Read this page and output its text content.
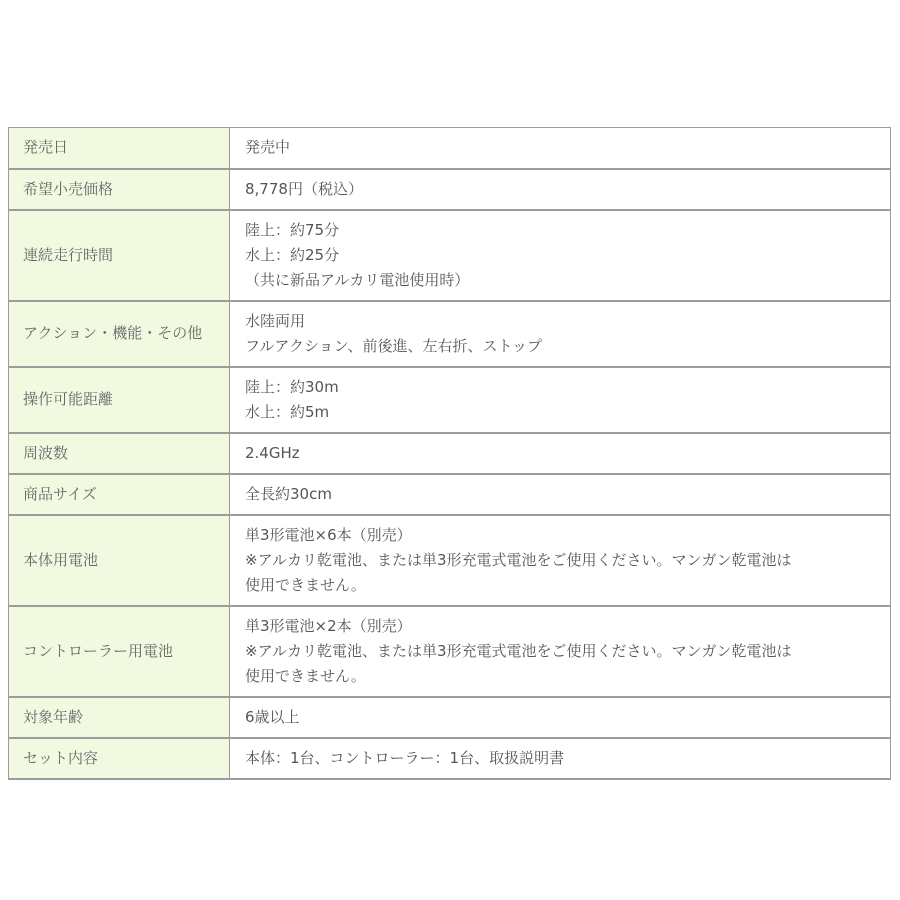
発売日	発売中

希望小売価格	8,778円（税込）

連続走行時間	陸上：約75分
水上：約25分
（共に新品アルカリ電池使用時）

アクション・機能・その他	水陸両用
フルアクション、前後進、左右折、ストップ

操作可能距離	陸上：約30m
水上：約5m

周波数	2.4GHz

商品サイズ	全長約30cm

本体用電池	単3形電池×6本（別売）
※アルカリ乾電池、または単3形充電式電池をご使用ください。マンガン乾電池は
使用できません。

コントローラー用電池	単3形電池×2本（別売）
※アルカリ乾電池、または単3形充電式電池をご使用ください。マンガン乾電池は
使用できません。

対象年齢	6歳以上

セット内容	本体：1台、コントローラー：1台、取扱説明書
